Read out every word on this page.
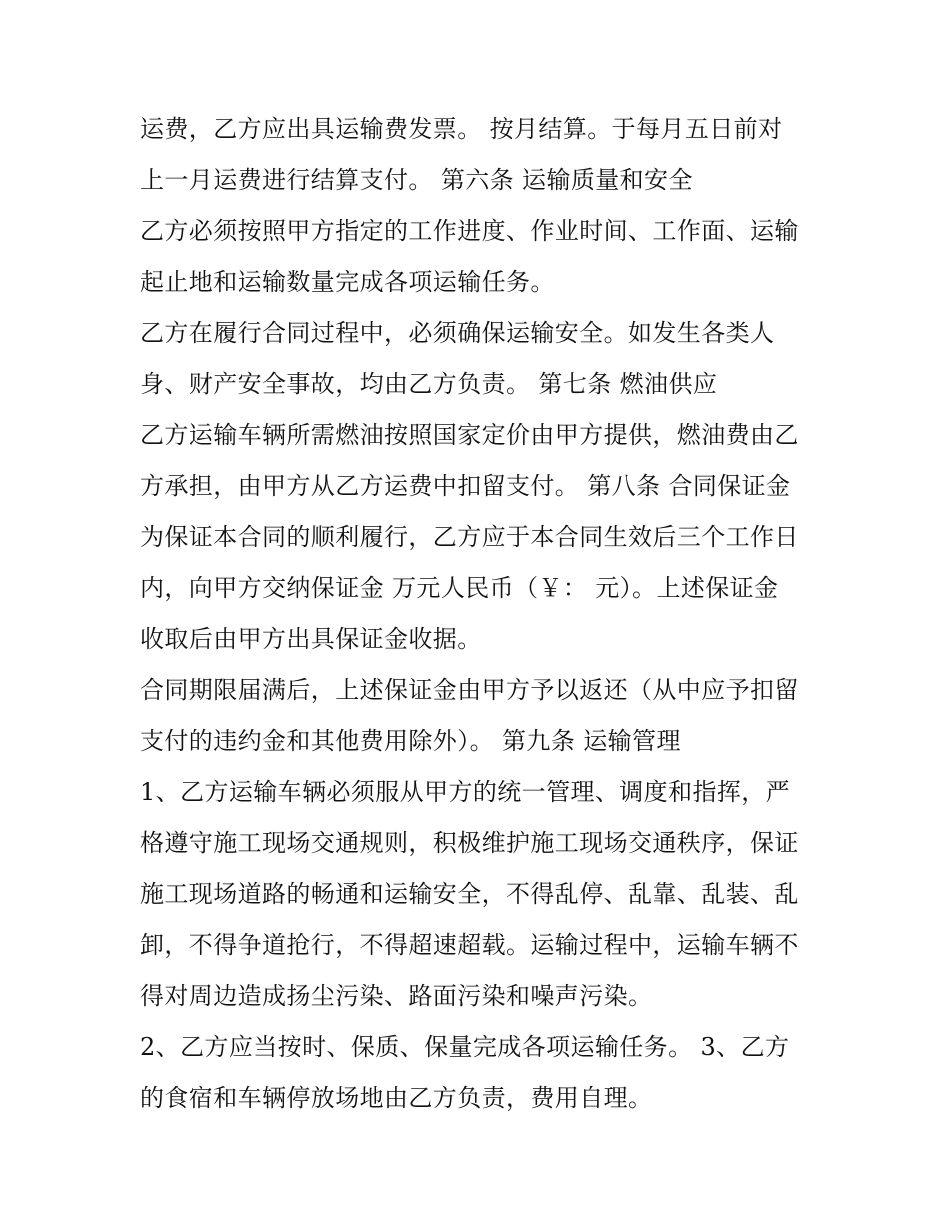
运费，乙方应出具运输费发票。 按月结算。于每月五日前对
上一月运费进行结算支付。 第六条 运输质量和安全
乙方必须按照甲方指定的工作进度、作业时间、工作面、运输
起止地和运输数量完成各项运输任务。
乙方在履行合同过程中，必须确保运输安全。如发生各类人
身、财产安全事故，均由乙方负责。 第七条 燃油供应
乙方运输车辆所需燃油按照国家定价由甲方提供，燃油费由乙
方承担，由甲方从乙方运费中扣留支付。 第八条 合同保证金
为保证本合同的顺利履行，乙方应于本合同生效后三个工作日
内，向甲方交纳保证金 万元人民币（￥： 元）。上述保证金
收取后由甲方出具保证金收据。
合同期限届满后，上述保证金由甲方予以返还（从中应予扣留
支付的违约金和其他费用除外）。 第九条 运输管理
1、乙方运输车辆必须服从甲方的统一管理、调度和指挥，严
格遵守施工现场交通规则，积极维护施工现场交通秩序，保证
施工现场道路的畅通和运输安全，不得乱停、乱靠、乱装、乱
卸，不得争道抢行，不得超速超载。运输过程中，运输车辆不
得对周边造成扬尘污染、路面污染和噪声污染。
2、乙方应当按时、保质、保量完成各项运输任务。 3、乙方
的食宿和车辆停放场地由乙方负责，费用自理。
